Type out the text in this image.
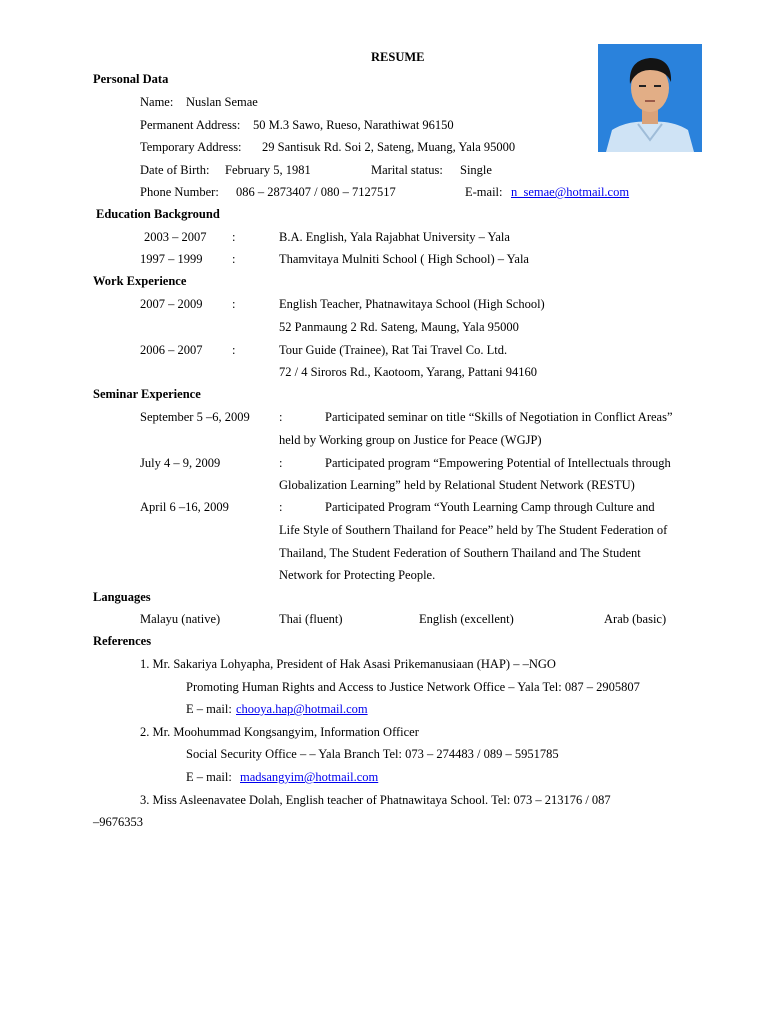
RESUME
Personal Data
Name: Nuslan Semae
Permanent Address: 50 M.3 Sawo, Rueso, Narathiwat 96150
Temporary Address: 29 Santisuk Rd. Soi 2, Sateng, Muang, Yala 95000
Date of Birth: February 5, 1981	Marital status: Single
Phone Number: 086 – 2873407 / 080 – 7127517	E-mail: n_semae@hotmail.com
Education Background
2003 – 2007 :	B.A. English, Yala Rajabhat University – Yala
1997 – 1999 :	Thamvitaya Mulniti School ( High School) – Yala
Work Experience
2007 – 2009 :	English Teacher, Phatnawitaya School (High School)
52 Panmaung 2 Rd. Sateng, Maung, Yala 95000
2006 – 2007 :	Tour Guide (Trainee), Rat Tai Travel Co. Ltd.
72 / 4 Siroros Rd., Kaotoom, Yarang, Pattani 94160
Seminar Experience
September 5 –6, 2009 :	Participated seminar on title “Skills of Negotiation in Conflict Areas”
held by Working group on Justice for Peace (WGJP)
July 4 – 9, 2009	:	Participated program “Empowering Potential of Intellectuals through
Globalization Learning” held by Relational Student Network (RESTU)
April 6 –16, 2009	:	Participated Program “Youth Learning Camp through Culture and
Life Style of Southern Thailand for Peace” held by The Student Federation of
Thailand, The Student Federation of Southern Thailand and The Student
Network for Protecting People.
Languages
Malayu (native)	Thai (fluent)	English (excellent)	Arab (basic)
References
1. Mr. Sakariya Lohyapha, President of Hak Asasi Prikemanusiaan (HAP) – –NGO
Promoting Human Rights and Access to Justice Network Office – Yala Tel: 087 – 2905807
E – mail: chooya.hap@hotmail.com
2. Mr. Moohummad Kongsangyim, Information Officer
Social Security Office – – Yala Branch Tel: 073 – 274483 / 089 – 5951785
E – mail: madsangyim@hotmail.com
3. Miss Asleenavatee Dolah, English teacher of Phatnawitaya School. Tel: 073 – 213176 / 087
–9676353
